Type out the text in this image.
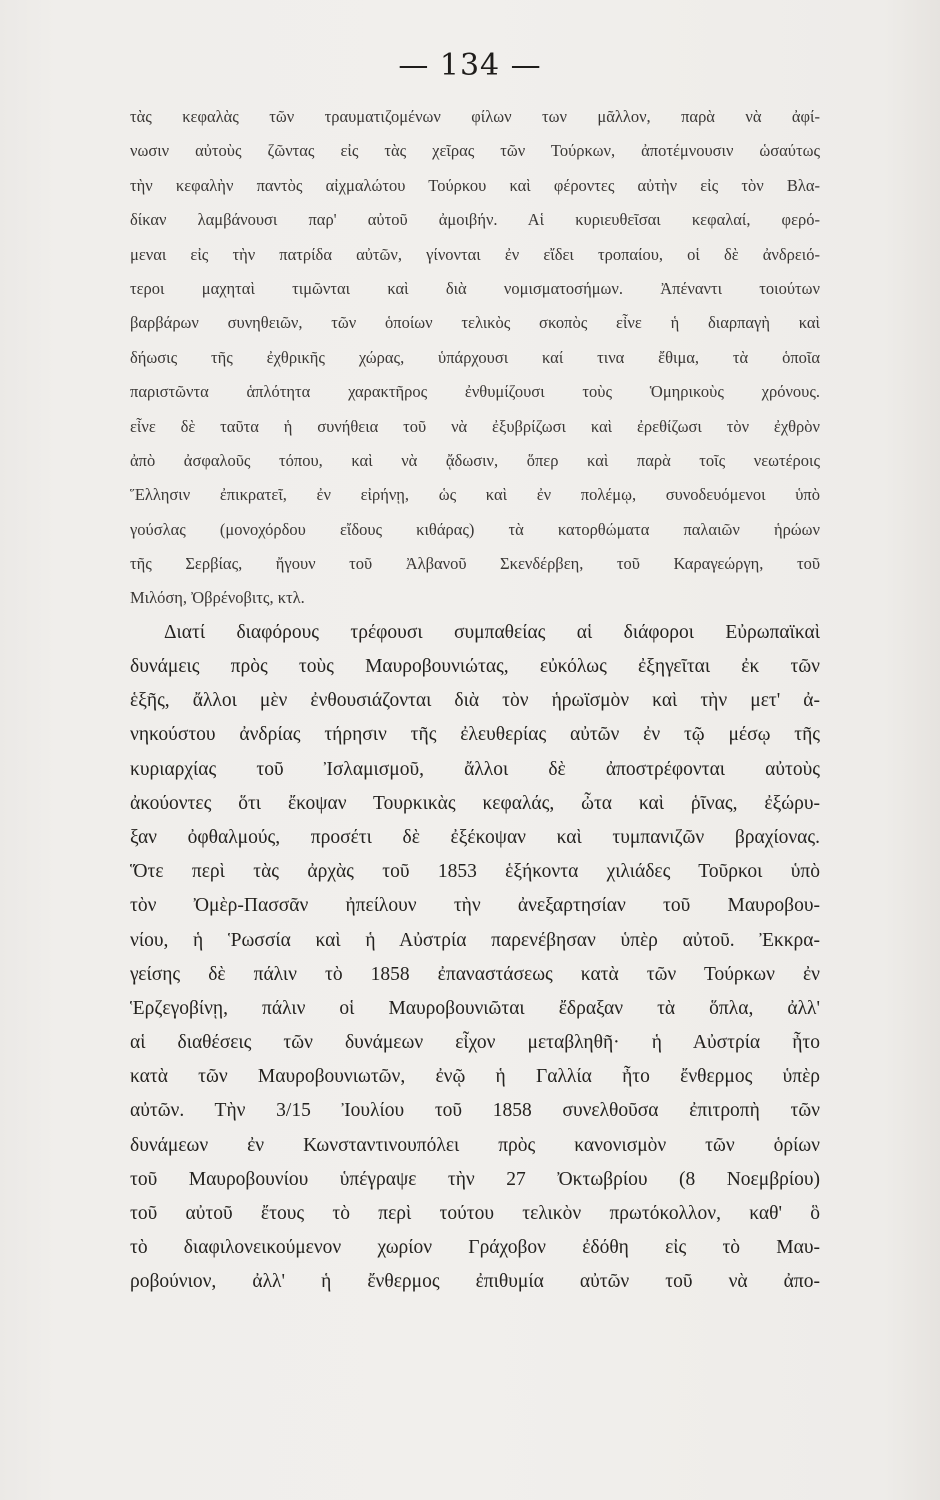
— 134 —
τὰς κεφαλὰς τῶν τραυματιζομένων φίλων των μᾶλλον, παρὰ νὰ ἀφί-
νωσιν αὐτοὺς ζῶντας εἰς τὰς χεῖρας τῶν Τούρκων, ἀποτέμνουσιν ὡσαύτως
τὴν κεφαλὴν παντὸς αἰχμαλώτου Τούρκου καὶ φέροντες αὐτὴν εἰς τὸν Βλα-
δίκαν λαμβάνουσι παρ' αὐτοῦ ἀμοιβήν. Αἱ κυριευθεῖσαι κεφαλαί, φερό-
μεναι εἰς τὴν πατρίδα αὐτῶν, γίνονται ἐν εἴδει τροπαίου, οἱ δὲ ἀνδρειό-
τεροι μαχηταὶ τιμῶνται καὶ διὰ νομισματοσήμων. Ἀπέναντι τοιούτων
βαρβάρων συνηθειῶν, τῶν ὁποίων τελικὸς σκοπὸς εἶνε ἡ διαρπαγὴ καὶ
δήωσις τῆς ἐχθρικῆς χώρας, ὑπάρχουσι καί τινα ἔθιμα, τὰ ὁποῖα
παριστῶντα ἁπλότητα χαρακτῆρος ἐνθυμίζουσι τοὺς Ὁμηρικοὺς χρόνους.
εἶνε δὲ ταῦτα ἡ συνήθεια τοῦ νὰ ἐξυβρίζωσι καὶ ἐρεθίζωσι τὸν ἐχθρὸν
ἀπὸ ἀσφαλοῦς τόπου, καὶ νὰ ᾄδωσιν, ὅπερ καὶ παρὰ τοῖς νεωτέροις
Ἕλλησιν ἐπικρατεῖ, ἐν εἰρήνῃ, ὡς καὶ ἐν πολέμῳ, συνοδευόμενοι ὑπὸ
γούσλας (μονοχόρδου εἴδους κιθάρας) τὰ κατορθώματα παλαιῶν ἡρώων
τῆς Σερβίας, ἤγουν τοῦ Ἀλβανοῦ Σκενδέρβεη, τοῦ Καραγεώργη, τοῦ
Μιλόση, Ὀβρένοβιτς, κτλ.
Διατί διαφόρους τρέφουσι συμπαθείας αἱ διάφοροι Εὐρωπαϊκαὶ
δυνάμεις πρὸς τοὺς Μαυροβουνιώτας, εὐκόλως ἐξηγεῖται ἐκ τῶν
ἑξῆς, ἄλλοι μὲν ἐνθουσιάζονται διὰ τὸν ἡρωϊσμὸν καὶ τὴν μετ' ἀ-
νηκούστου ἀνδρίας τήρησιν τῆς ἐλευθερίας αὐτῶν ἐν τῷ μέσῳ τῆς
κυριαρχίας τοῦ Ἰσλαμισμοῦ, ἄλλοι δὲ ἀποστρέφονται αὐτοὺς
ἀκούοντες ὅτι ἔκοψαν Τουρκικὰς κεφαλάς, ὦτα καὶ ῥῖνας, ἐξώρυ-
ξαν ὀφθαλμούς, προσέτι δὲ ἐξέκοψαν καὶ τυμπανιζῶν βραχίονας.
Ὅτε περὶ τὰς ἀρχὰς τοῦ 1853 ἑξήκοντα χιλιάδες Τοῦρκοι ὑπὸ
τὸν Ὀμὲρ-Πασσᾶν ἠπείλουν τὴν ἀνεξαρτησίαν τοῦ Μαυροβου-
νίου, ἡ Ῥωσσία καὶ ἡ Αὐστρία παρενέβησαν ὑπὲρ αὐτοῦ. Ἐκκρα-
γείσης δὲ πάλιν τὸ 1858 ἐπαναστάσεως κατὰ τῶν Τούρκων ἐν
Ἑρζεγοβίνῃ, πάλιν οἱ Μαυροβουνιῶται ἔδραξαν τὰ ὅπλα, ἀλλ'
αἱ διαθέσεις τῶν δυνάμεων εἶχον μεταβληθῆ· ἡ Αὐστρία ἦτο
κατὰ τῶν Μαυροβουνιωτῶν, ἐνῷ ἡ Γαλλία ἦτο ἔνθερμος ὑπὲρ
αὐτῶν. Τὴν 3/15 Ἰουλίου τοῦ 1858 συνελθοῦσα ἐπιτροπὴ τῶν
δυνάμεων ἐν Κωνσταντινουπόλει πρὸς κανονισμὸν τῶν ὁρίων
τοῦ Μαυροβουνίου ὑπέγραψε τὴν 27 Ὀκτωβρίου (8 Νοεμβρίου)
τοῦ αὐτοῦ ἔτους τὸ περὶ τούτου τελικὸν πρωτόκολλον, καθ' ὃ
τὸ διαφιλονεικούμενον χωρίον Γράχοβον ἐδόθη εἰς τὸ Μαυ-
ροβούνιον, ἀλλ' ἡ ἔνθερμος ἐπιθυμία αὐτῶν τοῦ νὰ ἀπο-
